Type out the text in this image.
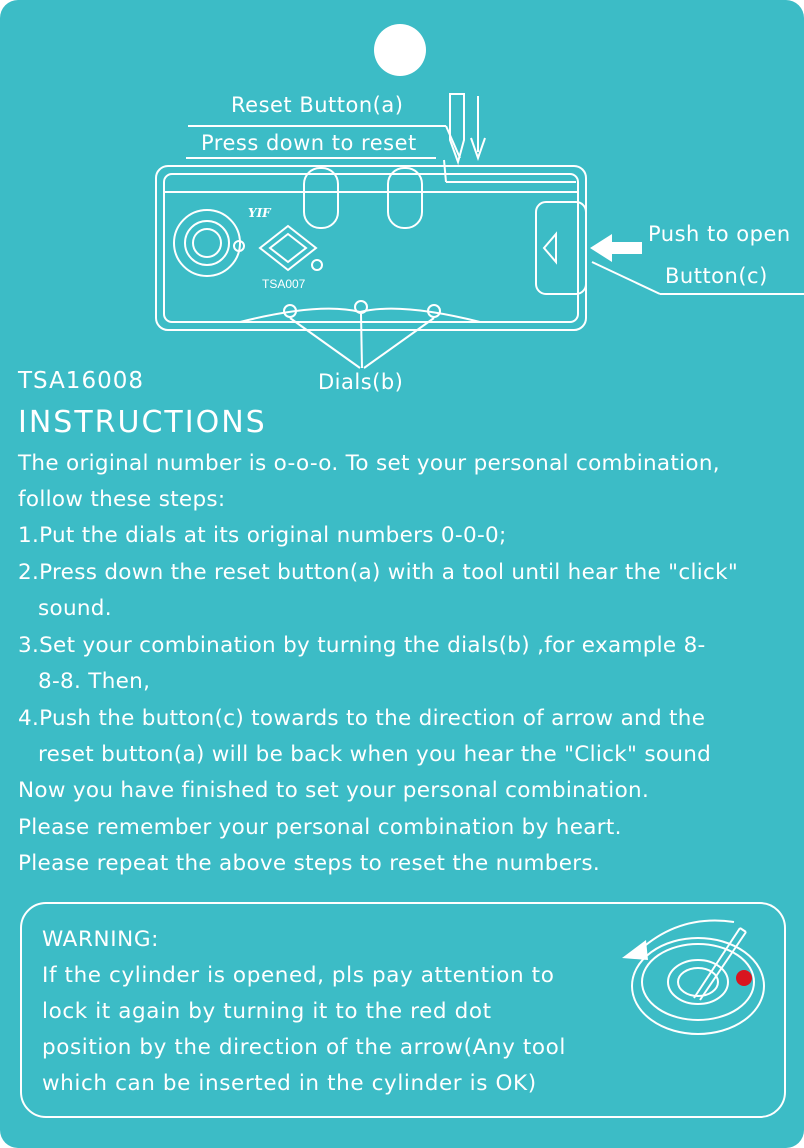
YIF
TSA007
Reset Button(a)
Press down to reset
Push to open
Button(c)
Dials(b)
TSA16008
INSTRUCTIONS
The original number is o-o-o. To set your personal combination,
follow these steps:
1.Put the dials at its original numbers 0-0-0;
2.Press down the reset button(a) with a tool until hear the "click"
sound.
3.Set your combination by turning the dials(b) ,for example 8-
8-8. Then,
4.Push the button(c) towards to the direction of arrow and the
reset button(a) will be back when you hear the "Click" sound
Now you have finished to set your personal combination.
Please remember your personal combination by heart.
Please repeat the above steps to reset the numbers.
WARNING:
If the cylinder is opened, pls pay attention to
lock it again by turning it to the red dot
position by the direction of the arrow(Any tool
which can be inserted in the cylinder is OK)
